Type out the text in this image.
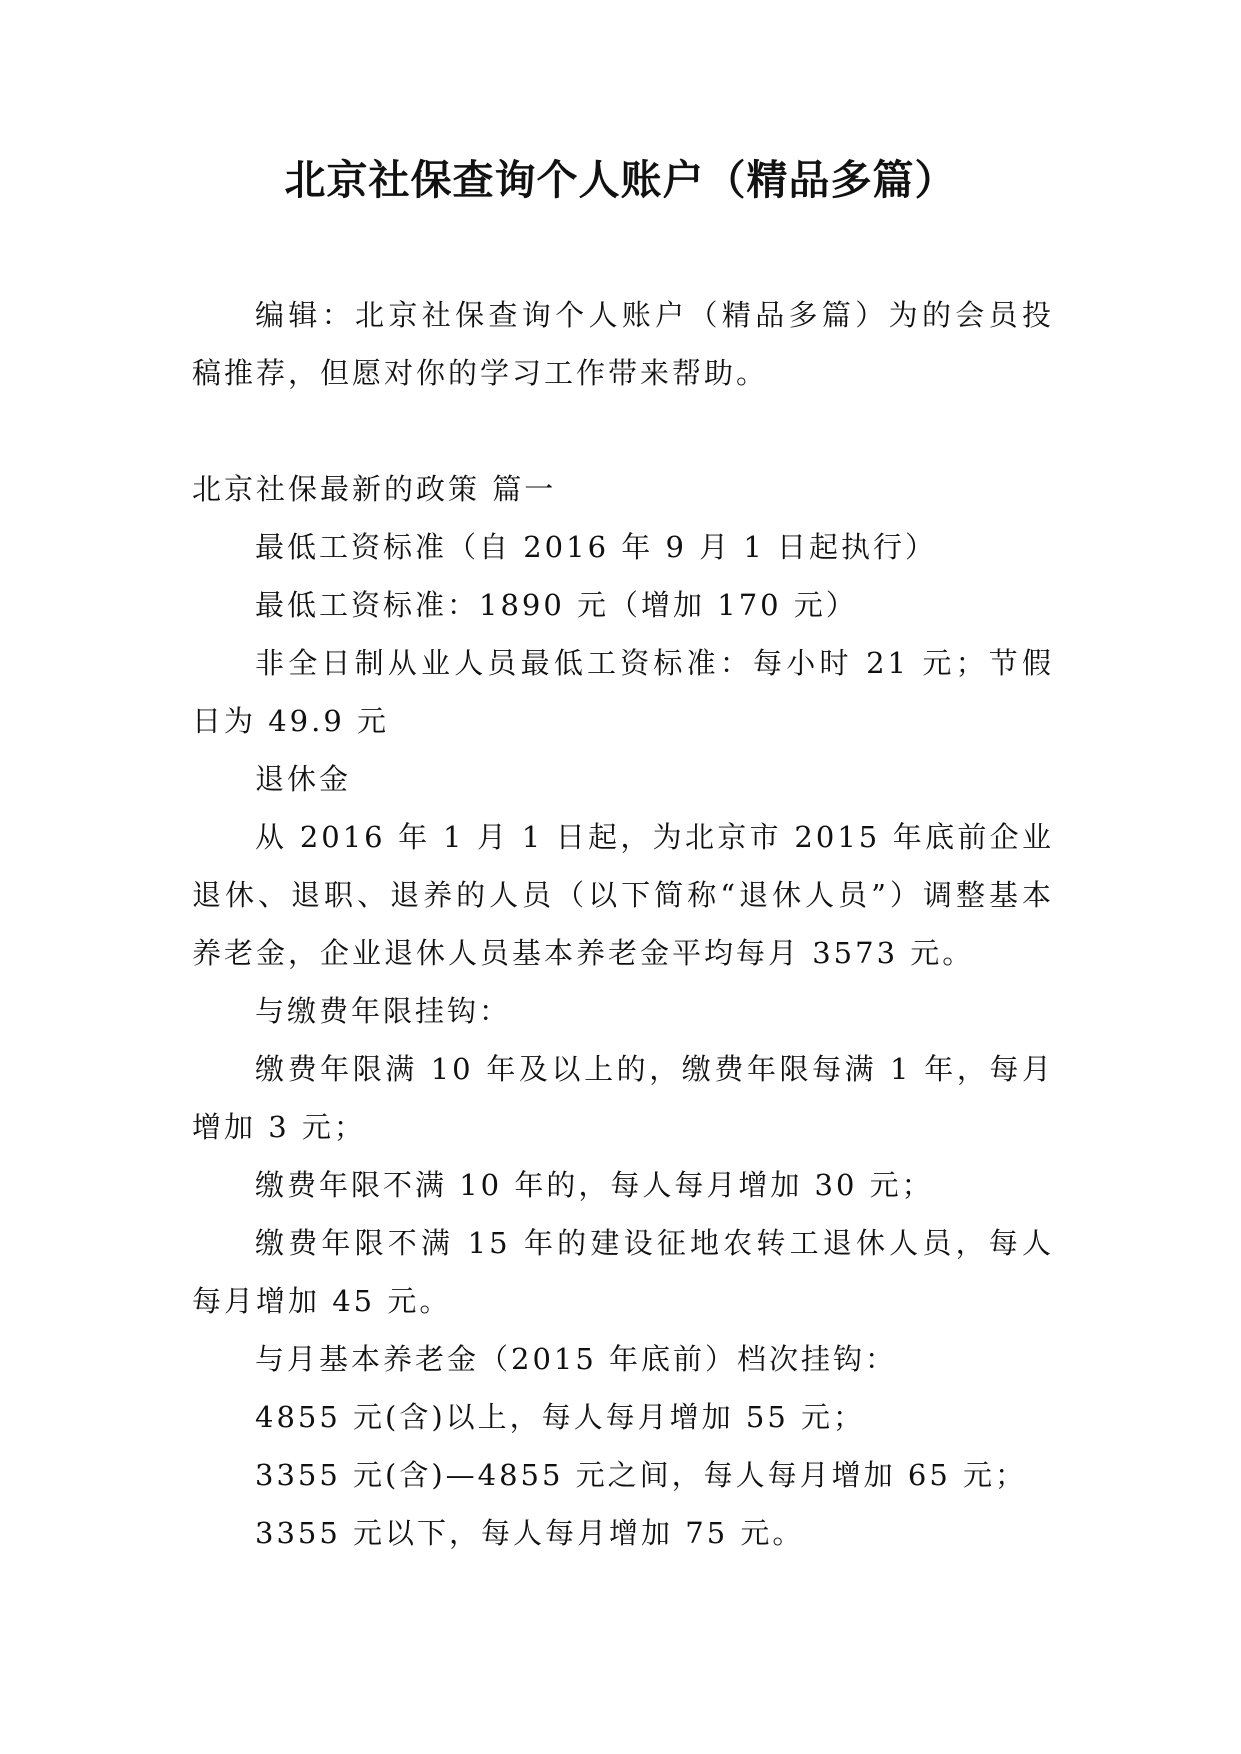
北京社保查询个人账户（精品多篇）

编辑：北京社保查询个人账户（精品多篇）为的会员投稿推荐，但愿对你的学习工作带来帮助。

北京社保最新的政策 篇一

最低工资标准（自 2016 年 9 月 1 日起执行）

最低工资标准：1890 元（增加 170 元）

非全日制从业人员最低工资标准：每小时 21 元；节假日为 49.9 元

退休金

从 2016 年 1 月 1 日起，为北京市 2015 年底前企业退休、退职、退养的人员（以下简称“退休人员”）调整基本养老金，企业退休人员基本养老金平均每月 3573 元。

与缴费年限挂钩：

缴费年限满 10 年及以上的，缴费年限每满 1 年，每月增加 3 元；

缴费年限不满 10 年的，每人每月增加 30 元；

缴费年限不满 15 年的建设征地农转工退休人员，每人每月增加 45 元。

与月基本养老金（2015 年底前）档次挂钩：

4855 元(含)以上，每人每月增加 55 元；

3355 元(含)—4855 元之间，每人每月增加 65 元；

3355 元以下，每人每月增加 75 元。
